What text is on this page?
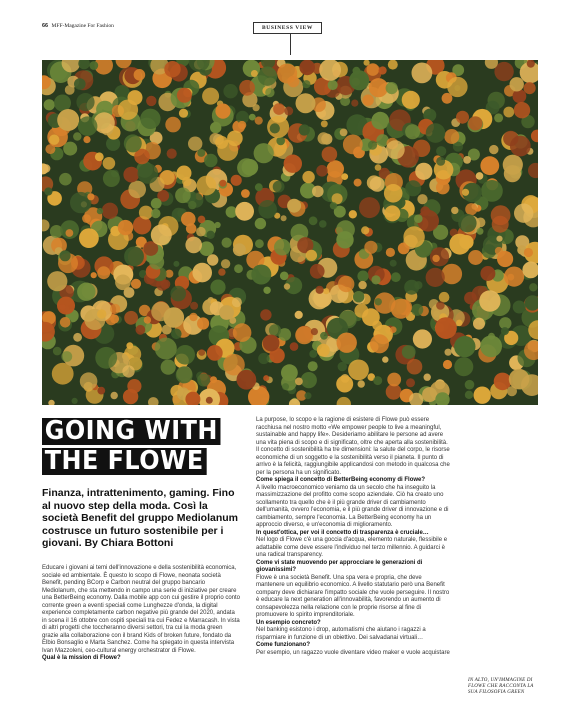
66 MFF-Magazine For Fashion	BUSINESS VIEW
GOING WITH
THE FLOWE
Finanza, intrattenimento, gaming. Fino al nuovo step della moda. Così la società Benefit del gruppo Mediolanum costrusce un futuro sostenibile per i giovani. By Chiara Bottoni

Educare i giovani ai temi dell'innovazione e della sostenibilità economica, sociale ed ambientale. È questo lo scopo di Flowe, neonata società Benefit, pending BCorp e Carbon neutral del gruppo bancario Mediolanum, che sta mettendo in campo una serie di iniziative per creare una BetterBeing economy. Dalla mobile app con cui gestire il proprio conto corrente green a eventi speciali come Lunghezze d'onda, la digital experience completamente carbon negative più grande del 2020, andata in scena il 16 ottobre con ospiti speciali tra cui Fedez e Marracash. In vista di altri progetti che toccheranno diversi settori, tra cui la moda green grazie alla collaborazione con il brand Kids of broken future, fondato da Elbio Bonsaglio e Marta Sanchez. Come ha spiegato in questa intervista Ivan Mazzoleni, ceo-cultural energy orchestrator di Flowe.

Qual è la mission di Flowe?

La purpose, lo scopo e la ragione di esistere di Flowe può essere racchiusa nel nostro motto «We empower people to live a meaningful, sustainable and happy life». Desideriamo abilitare le persone ad avere una vita piena di scopo e di significato, oltre che aperta alla sostenibilità. Il concetto di sostenibilità ha tre dimensioni: la salute del corpo, le risorse economiche di un soggetto e la sostenibilità verso il pianeta. Il punto di arrivo è la felicità, raggiungibile applicandosi con metodo in qualcosa che per la persona ha un significato.

Come spiega il concetto di BetterBeing economy di Flowe?

A livello macroeconomico veniamo da un secolo che ha inseguito la massimizzazione del profitto come scopo aziendale. Ciò ha creato uno scollamento tra quello che è il più grande driver di cambiamento dell'umanità, ovvero l'economia, e il più grande driver di innovazione e di cambiamento, sempre l'economia. La BetterBeing economy ha un approccio diverso, e un'economia di miglioramento.

In quest'ottica, per voi il concetto di trasparenza è cruciale…

Nel logo di Flowe c'è una goccia d'acqua, elemento naturale, flessibile e adattabile come deve essere l'individuo nel terzo millennio. A guidarci è una radical transparency.

Come vi state muovendo per approcciare le generazioni di giovanissimi?

Flowe è una società Benefit. Una spa vera e propria, che deve mantenere un equilibrio economico. A livello statutario però una Benefit company deve dichiarare l'impatto sociale che vuole perseguire. Il nostro è educare la next generation all'innovabilità, favorendo un aumento di consapevolezza nella relazione con le proprie risorse al fine di promuovere lo spirito imprenditoriale.

Un esempio concreto?

Nel banking esistono i drop, automatismi che aiutano i ragazzi a risparmiare in funzione di un obiettivo. Dei salvadanai virtuali…

Come funzionano?

Per esempio, un ragazzo vuole diventare video maker e vuole acquistare

IN ALTO, UN'IMMAGINE DI FLOWE CHE RACCONTA LA SUA FILOSOFIA GREEN
